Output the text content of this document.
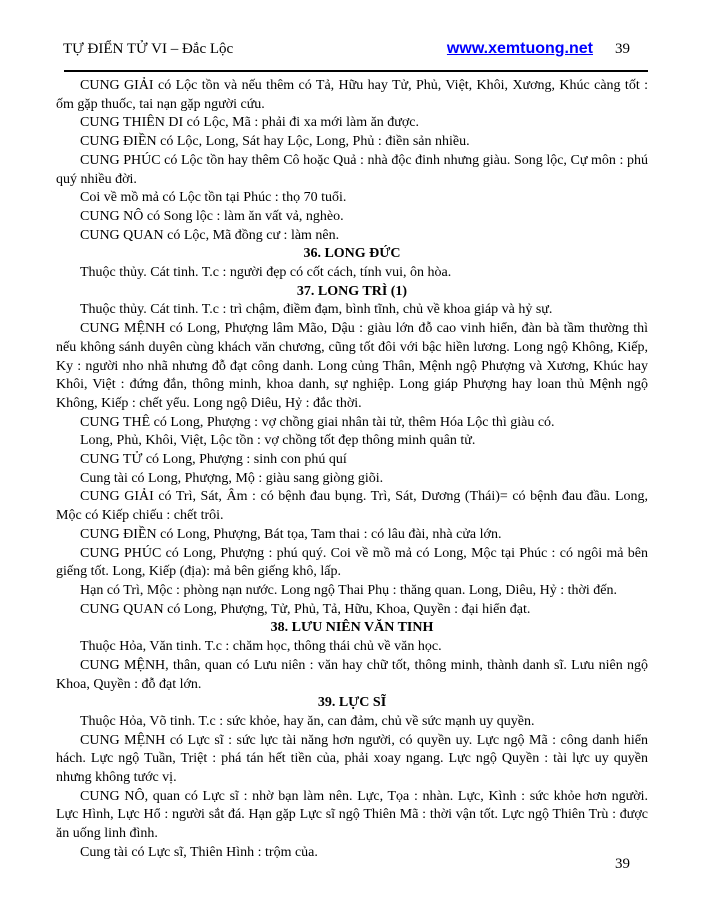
TỰ ĐIỂN TỬ VI – Đắc Lộc	www.xemtuong.net 39

CUNG GIẢI có Lộc tồn và nếu thêm có Tả, Hữu hay Tử, Phủ, Việt, Khôi, Xương, Khúc càng tốt : ốm gặp thuốc, tai nạn gặp người cứu.

CUNG THIÊN DI có Lộc, Mã : phải đi xa mới làm ăn được.

CUNG ĐIỀN có Lộc, Long, Sát hay Lộc, Long, Phủ : điền sản nhiều.

CUNG PHÚC có Lộc tồn hay thêm Cô hoặc Quả : nhà độc đinh nhưng giàu. Song lộc, Cự môn : phú quý nhiều đời.

Coi về mồ mả có Lộc tồn tại Phúc : thọ 70 tuổi.

CUNG NÔ có Song lộc : làm ăn vất vả, nghèo.

CUNG QUAN có Lộc, Mã đồng cư : làm nên.

36. LONG ĐỨC

Thuộc thủy. Cát tinh. T.c : người đẹp có cốt cách, tính vui, ôn hòa.

37. LONG TRÌ (1)

Thuộc thủy. Cát tinh. T.c : trì chậm, điềm đạm, bình tĩnh, chủ về khoa giáp và hỷ sự.

CUNG MỆNH có Long, Phượng lâm Mão, Dậu : giàu lớn đỗ cao vinh hiển, đàn bà tầm thường thì nếu không sánh duyên cùng khách văn chương, cũng tốt đôi với bậc hiền lương. Long ngộ Không, Kiếp, Ky : người nho nhã nhưng đỗ đạt công danh. Long củng Thân, Mệnh ngộ Phượng và Xương, Khúc hay Khôi, Việt : đứng đắn, thông minh, khoa danh, sự nghiệp. Long giáp Phượng hay loan thủ Mệnh ngộ Không, Kiếp : chết yểu. Long ngộ Diêu, Hỷ : đắc thời.

CUNG THÊ có Long, Phượng : vợ chồng giai nhân tài tử, thêm Hóa Lộc thì giàu có.

Long, Phủ, Khôi, Việt, Lộc tồn : vợ chồng tốt đẹp thông minh quân tử.

CUNG TỬ có Long, Phượng : sinh con phú quí

Cung tài có Long, Phượng, Mộ : giàu sang giòng giõi.

CUNG GIẢI có Trì, Sát, Âm : có bệnh đau bụng. Trì, Sát, Dương (Thái)= có bệnh đau đầu. Long, Mộc có Kiếp chiếu : chết trôi.

CUNG ĐIỀN có Long, Phượng, Bát tọa, Tam thai : có lâu đài, nhà cửa lớn.

CUNG PHÚC có Long, Phượng : phú quý. Coi về mồ mả có Long, Mộc tại Phúc : có ngôi mả bên giếng tốt. Long, Kiếp (địa): mả bên giếng khô, lấp.

Hạn có Trì, Mộc : phòng nạn nước. Long ngộ Thai Phụ : thăng quan. Long, Diêu, Hỷ : thời đến.

CUNG QUAN có Long, Phượng, Tử, Phủ, Tả, Hữu, Khoa, Quyền : đại hiển đạt.

38. LƯU NIÊN VĂN TINH

Thuộc Hỏa, Văn tinh. T.c : chăm học, thông thái chủ về văn học.

CUNG MỆNH, thân, quan có Lưu niên : văn hay chữ tốt, thông minh, thành danh sĩ. Lưu niên ngộ Khoa, Quyền : đỗ đạt lớn.

39. LỰC SĨ

Thuộc Hỏa, Võ tinh. T.c : sức khỏe, hay ăn, can đảm, chủ về sức mạnh uy quyền.

CUNG MỆNH có Lực sĩ : sức lực tài năng hơn người, có quyền uy. Lực ngộ Mã : công danh hiển hách. Lực ngộ Tuần, Triệt : phá tán hết tiền của, phải xoay ngang. Lực ngộ Quyền : tài lực uy quyền nhưng không tước vị.

CUNG NÔ, quan có Lực sĩ : nhờ bạn làm nên. Lực, Tọa : nhàn. Lực, Kình : sức khỏe hơn người. Lực Hình, Lực Hổ : người sắt đá. Hạn gặp Lực sĩ ngộ Thiên Mã : thời vận tốt. Lực ngộ Thiên Trù : được ăn uống linh đình.

Cung tài có Lực sĩ, Thiên Hình : trộm của.

39
